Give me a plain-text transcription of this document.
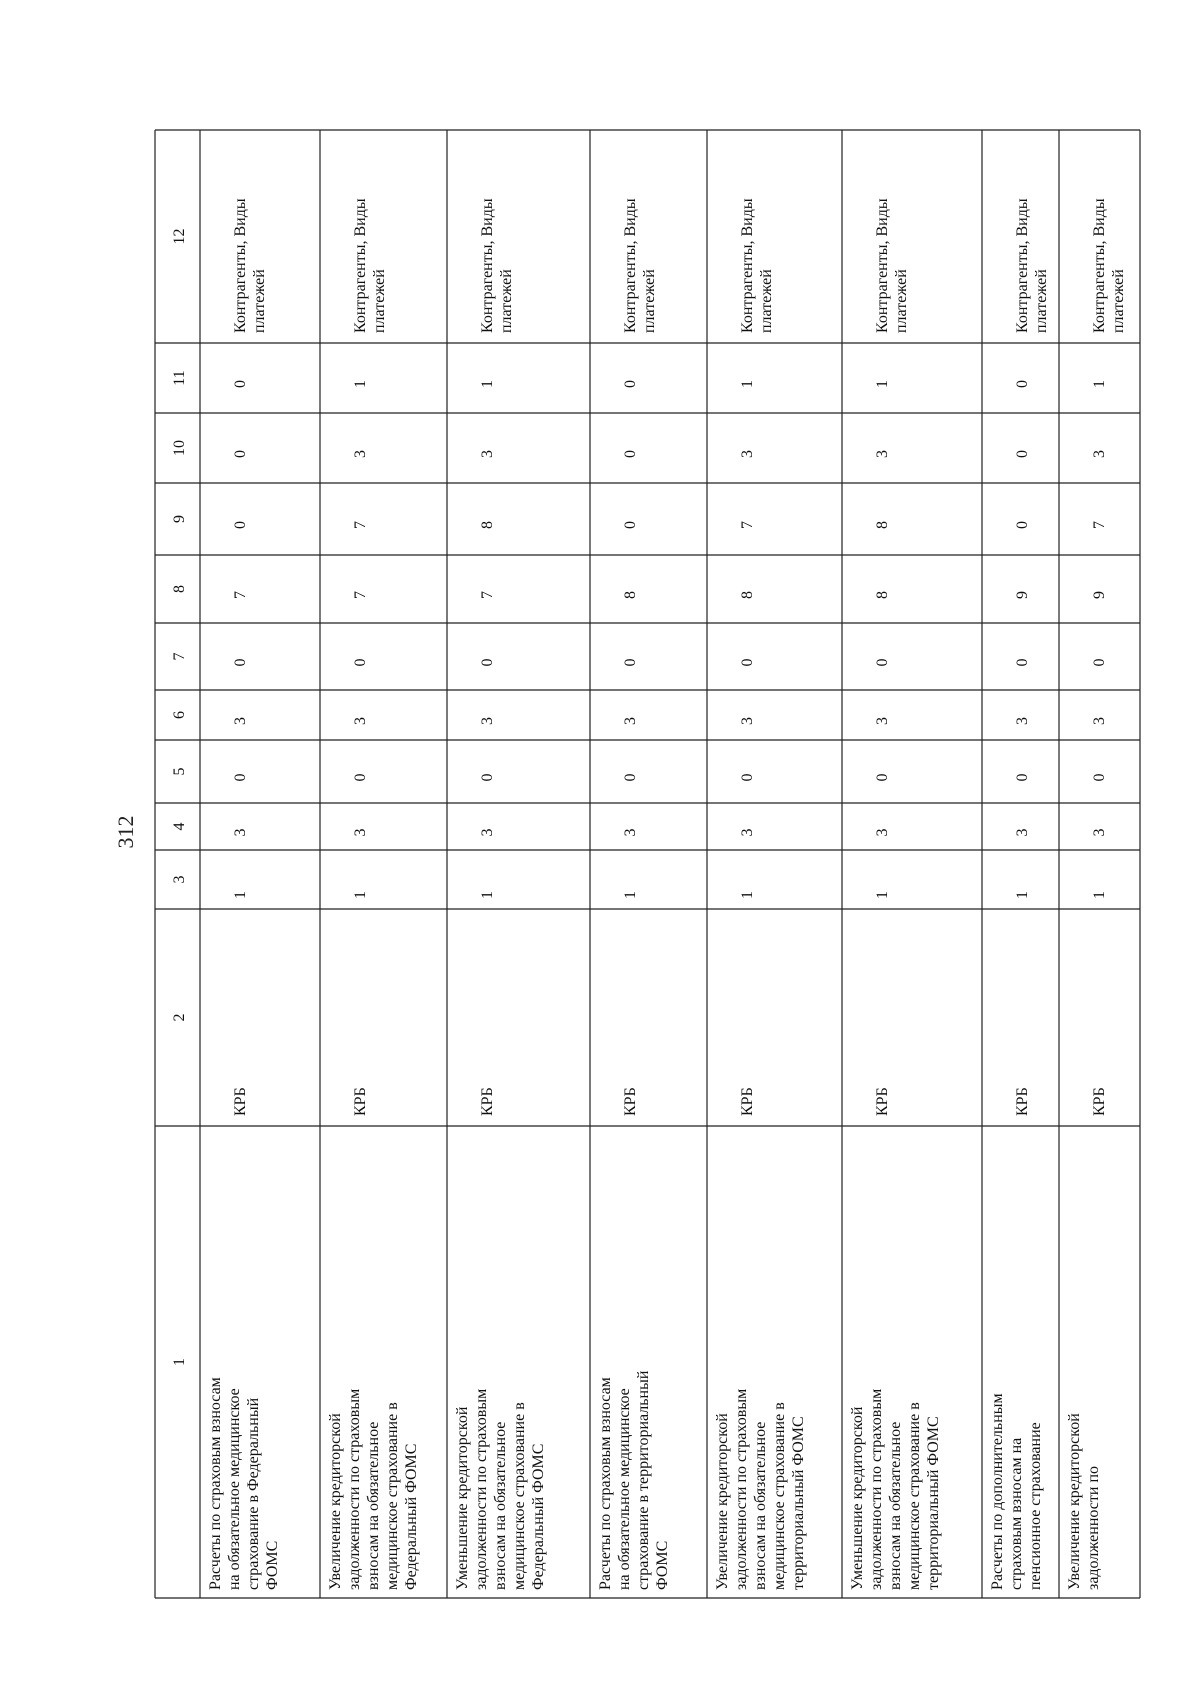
312
1
2
3
4
5
6
7
8
9
10
11
12
Расчеты по страховым взносам на обязательное медицинское страхование в Федеральный ФОМС
КРБ
1
3
0
3
0
7
0
0
0
Контрагенты, Виды платежей
Увеличение кредиторской задолженности по страховым взносам на обязательное медицинское страхование в Федеральный ФОМС
КРБ
1
3
0
3
0
7
7
3
1
Контрагенты, Виды платежей
Уменьшение кредиторской задолженности по страховым взносам на обязательное медицинское страхование в Федеральный ФОМС
КРБ
1
3
0
3
0
7
8
3
1
Контрагенты, Виды платежей
Расчеты по страховым взносам на обязательное медицинское страхование в территориальный ФОМС
КРБ
1
3
0
3
0
8
0
0
0
Контрагенты, Виды платежей
Увеличение кредиторской задолженности по страховым взносам на обязательное медицинское страхование в территориальный ФОМС
КРБ
1
3
0
3
0
8
7
3
1
Контрагенты, Виды платежей
Уменьшение кредиторской задолженности по страховым взносам на обязательное медицинское страхование в территориальный ФОМС
КРБ
1
3
0
3
0
8
8
3
1
Контрагенты, Виды платежей
Расчеты по дополнительным страховым взносам на пенсионное страхование
КРБ
1
3
0
3
0
9
0
0
0
Контрагенты, Виды платежей
Увеличение кредиторской задолженности по
КРБ
1
3
0
3
0
9
7
3
1
Контрагенты, Виды платежей
